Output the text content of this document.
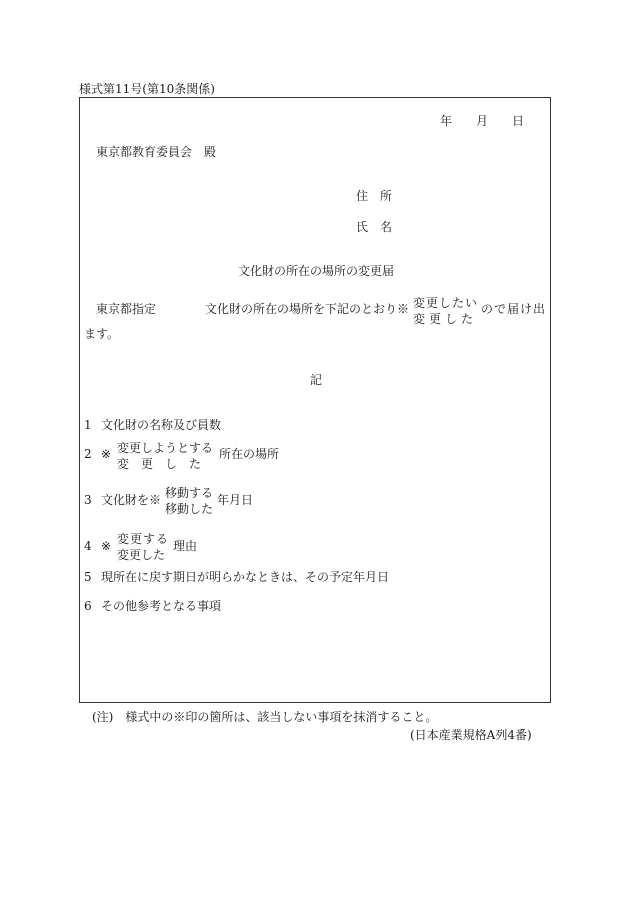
様式第11号(第10条関係)
年 月 日
東京都教育委員会　殿
住　所
氏　名
文化財の所在の場所の変更届
東京都指定	文化財の所在の場所を下記のとおり※ 変更したい
変更した
ので届け出
ます。
記
1 文化財の名称及び員数
2 ※ 変更しようとする
変　更　し　た
所在の場所
3 文化財を※ 移動する
移動した
年月日
4 ※ 変更する
変更した
理由
5 現所在に戻す期日が明らかなときは、その予定年月日
6 その他参考となる事項
(注)　様式中の※印の箇所は、該当しない事項を抹消すること。
(日本産業規格A列4番)
